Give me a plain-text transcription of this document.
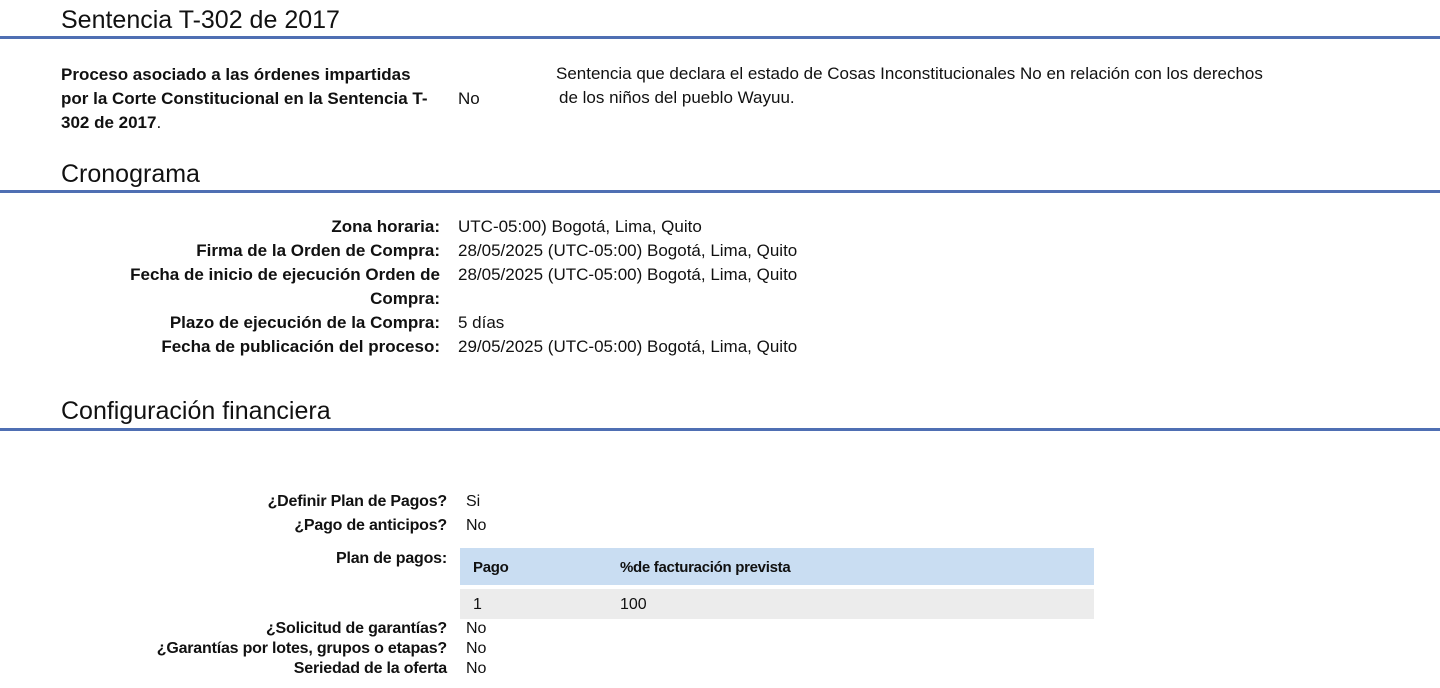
Sentencia T-302 de 2017
Proceso asociado a las órdenes impartidas por la Corte Constitucional en la Sentencia T-302 de 2017.
No
Sentencia que declara el estado de Cosas Inconstitucionales No en relación con los derechos
de los niños del pueblo Wayuu.
Cronograma
Zona horaria: UTC-05:00) Bogotá, Lima, Quito
Firma de la Orden de Compra: 28/05/2025 (UTC-05:00) Bogotá, Lima, Quito
Fecha de inicio de ejecución Orden de Compra:
28/05/2025 (UTC-05:00) Bogotá, Lima, Quito
Plazo de ejecución de la Compra: 5 días
Fecha de publicación del proceso: 29/05/2025 (UTC-05:00) Bogotá, Lima, Quito
Configuración financiera
¿Definir Plan de Pagos? Si
¿Pago de anticipos? No
Plan de pagos:
Pago	%de facturación prevista
1	100
¿Solicitud de garantías? No
¿Garantías por lotes, grupos o etapas? No
Seriedad de la oferta No
